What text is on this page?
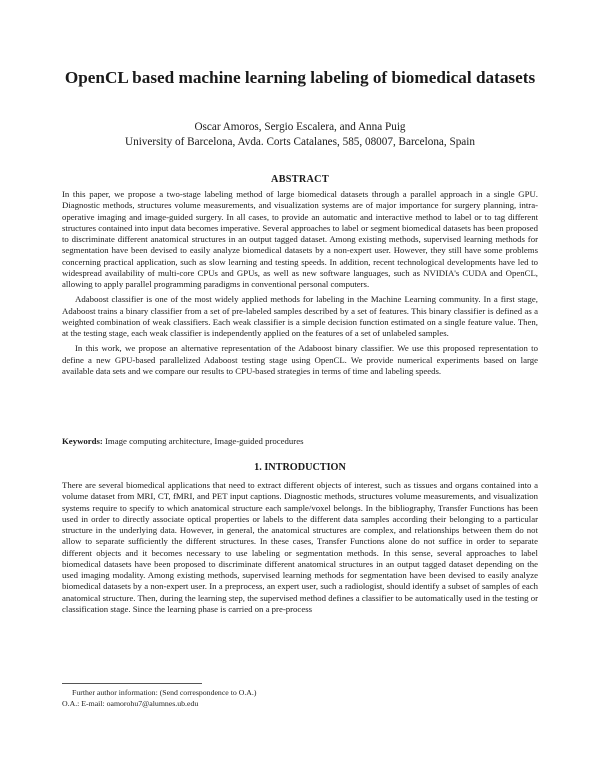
OpenCL based machine learning labeling of biomedical datasets
Oscar Amoros, Sergio Escalera, and Anna Puig
University of Barcelona, Avda. Corts Catalanes, 585, 08007, Barcelona, Spain
ABSTRACT

In this paper, we propose a two-stage labeling method of large biomedical datasets through a parallel approach in a single GPU. Diagnostic methods, structures volume measurements, and visualization systems are of major importance for surgery planning, intra-operative imaging and image-guided surgery. In all cases, to provide an automatic and interactive method to label or to tag different structures contained into input data becomes imperative. Several approaches to label or segment biomedical datasets has been proposed to discriminate different anatomical structures in an output tagged dataset. Among existing methods, supervised learning methods for segmentation have been devised to easily analyze biomedical datasets by a non-expert user. However, they still have some problems concerning practical application, such as slow learning and testing speeds. In addition, recent technological developments have led to widespread availability of multi-core CPUs and GPUs, as well as new software languages, such as NVIDIA's CUDA and OpenCL, allowing to apply parallel programming paradigms in conventional personal computers.

Adaboost classifier is one of the most widely applied methods for labeling in the Machine Learning community. In a first stage, Adaboost trains a binary classifier from a set of pre-labeled samples described by a set of features. This binary classifier is defined as a weighted combination of weak classifiers. Each weak classifier is a simple decision function estimated on a single feature value. Then, at the testing stage, each weak classifier is independently applied on the features of a set of unlabeled samples.

In this work, we propose an alternative representation of the Adaboost binary classifier. We use this proposed representation to define a new GPU-based parallelized Adaboost testing stage using OpenCL. We provide numerical experiments based on large available data sets and we compare our results to CPU-based strategies in terms of time and labeling speeds.

Keywords: Image computing architecture, Image-guided procedures

1. INTRODUCTION

There are several biomedical applications that need to extract different objects of interest, such as tissues and organs contained into a volume dataset from MRI, CT, fMRI, and PET input captions. Diagnostic methods, structures volume measurements, and visualization systems require to specify to which anatomical structure each sample/voxel belongs. In the bibliography, Transfer Functions has been used in order to directly associate optical properties or labels to the different data samples according their belonging to a particular structure in the underlying data. However, in general, the anatomical structures are complex, and relationships between them do not allow to separate sufficiently the different structures. In these cases, Transfer Functions alone do not suffice in order to separate different objects and it becomes necessary to use labeling or segmentation methods. In this sense, several approaches to label biomedical datasets have been proposed to discriminate different anatomical structures in an output tagged dataset depending on the used imaging modality. Among existing methods, supervised learning methods for segmentation have been devised to easily analyze biomedical datasets by a non-expert user. In a preprocess, an expert user, such a radiologist, should identify a subset of samples of each anatomical structure. Then, during the learning step, the supervised method defines a classifier to be automatically used in the testing or classification stage. Since the learning phase is carried on a pre-process

Further author information: (Send correspondence to O.A.)

O.A.: E-mail: oamorohu7@alumnes.ub.edu
